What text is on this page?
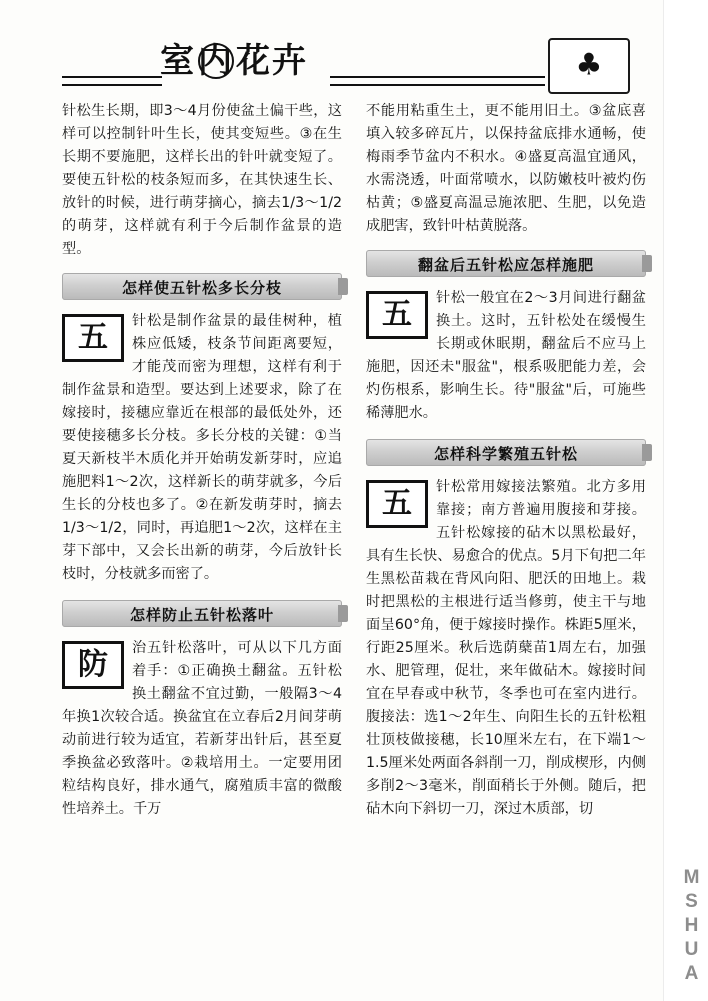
室内花卉	♣

针松生长期，即3～4月份使盆土偏干些，这样可以控制针叶生长，使其变短些。③在生长期不要施肥，这样长出的针叶就变短了。要使五针松的枝条短而多，在其快速生长、放针的时候，进行萌芽摘心，摘去1/3～1/2的萌芽，这样就有利于今后制作盆景的造型。

怎样使五针松多长分枝
五	针松是制作盆景的最佳树种，植株应低矮，枝条节间距离要短，才能茂而密为理想，这样有利于制作盆景和造型。要达到上述要求，除了在嫁接时，接穗应靠近在根部的最低处外，还要使接穗多长分枝。多长分枝的关键：①当夏天新枝半木质化并开始萌发新芽时，应追施肥料1～2次，这样新长的萌芽就多，今后生长的分枝也多了。②在新发萌芽时，摘去1/3～1/2，同时，再追肥1～2次，这样在主芽下部中，又会长出新的萌芽，今后放针长枝时，分枝就多而密了。

怎样防止五针松落叶
防	治五针松落叶，可从以下几方面着手：①正确换土翻盆。五针松换土翻盆不宜过勤，一般隔3～4年换1次较合适。换盆宜在立春后2月间芽萌动前进行较为适宜，若新芽出针后，甚至夏季换盆必致落叶。②栽培用土。一定要用团粒结构良好，排水通气，腐殖质丰富的微酸性培养土。千万

不能用粘重生土，更不能用旧土。③盆底喜填入较多碎瓦片，以保持盆底排水通畅，使梅雨季节盆内不积水。④盛夏高温宜通风，水需浇透，叶面常喷水，以防嫩枝叶被灼伤枯黄；⑤盛夏高温忌施浓肥、生肥，以免造成肥害，致针叶枯黄脱落。

翻盆后五针松应怎样施肥
五	针松一般宜在2～3月间进行翻盆换土。这时，五针松处在缓慢生长期或休眠期，翻盆后不应马上施肥，因还未"服盆"，根系吸肥能力差，会灼伤根系，影响生长。待"服盆"后，可施些稀薄肥水。

怎样科学繁殖五针松
五	针松常用嫁接法繁殖。北方多用靠接；南方普遍用腹接和芽接。五针松嫁接的砧木以黑松最好，具有生长快、易愈合的优点。5月下旬把二年生黑松苗栽在背风向阳、肥沃的田地上。栽时把黑松的主根进行适当修剪，使主干与地面呈60°角，便于嫁接时操作。株距5厘米，行距25厘米。秋后选荫蘖苗1周左右，加强水、肥管理，促壮，来年做砧木。嫁接时间宜在早春或中秋节，冬季也可在室内进行。腹接法：选1～2年生、向阳生长的五针松粗壮顶枝做接穗，长10厘米左右，在下端1～1.5厘米处两面各斜削一刀，削成楔形，内侧多削2～3毫米，削面稍长于外侧。随后，把砧木向下斜切一刀，深过木质部，切

MSHUA
